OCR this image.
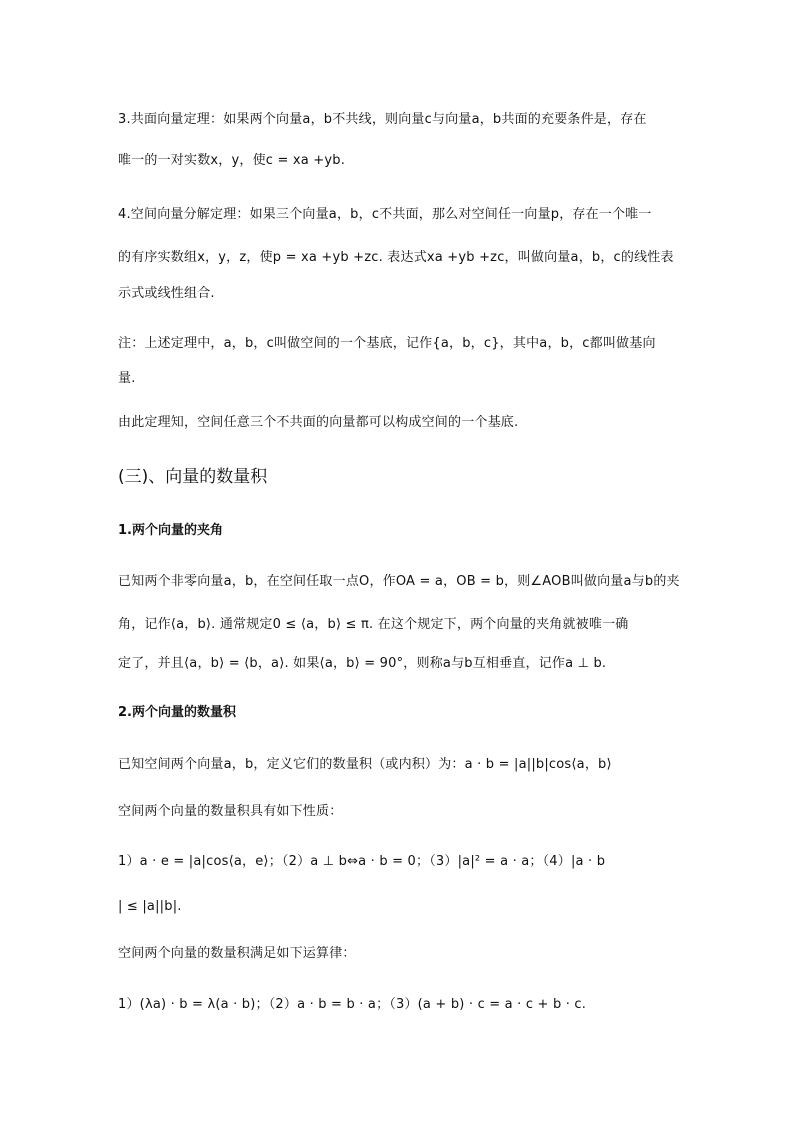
3.共面向量定理：如果两个向量a，b不共线，则向量c与向量a，b共面的充要条件是，存在
唯一的一对实数x，y，使c = xa +yb.
4.空间向量分解定理：如果三个向量a，b，c不共面，那么对空间任一向量p，存在一个唯一
的有序实数组x，y，z，使p = xa +yb +zc. 表达式xa +yb +zc，叫做向量a，b，c的线性表
示式或线性组合.
注：上述定理中，a，b，c叫做空间的一个基底，记作{a，b，c}，其中a，b，c都叫做基向
量.
由此定理知，空间任意三个不共面的向量都可以构成空间的一个基底.
(三)、向量的数量积
1.两个向量的夹角
已知两个非零向量a，b，在空间任取一点O，作OA = a，OB = b，则∠AOB叫做向量a与b的夹
角，记作⟨a，b⟩. 通常规定0 ≤ ⟨a，b⟩ ≤ π. 在这个规定下，两个向量的夹角就被唯一确
定了，并且⟨a，b⟩ = ⟨b，a⟩. 如果⟨a，b⟩ = 90°，则称a与b互相垂直，记作a ⊥ b.
2.两个向量的数量积
已知空间两个向量a，b，定义它们的数量积（或内积）为：a · b = |a||b|cos⟨a，b⟩
空间两个向量的数量积具有如下性质：
1）a · e = |a|cos⟨a，e⟩；（2）a ⊥ b⇔a · b = 0；（3）|a|² = a · a；（4）|a · b
| ≤ |a||b|.
空间两个向量的数量积满足如下运算律：
1）(λa) · b = λ(a · b)；（2）a · b = b · a；（3）(a + b) · c = a · c + b · c.
